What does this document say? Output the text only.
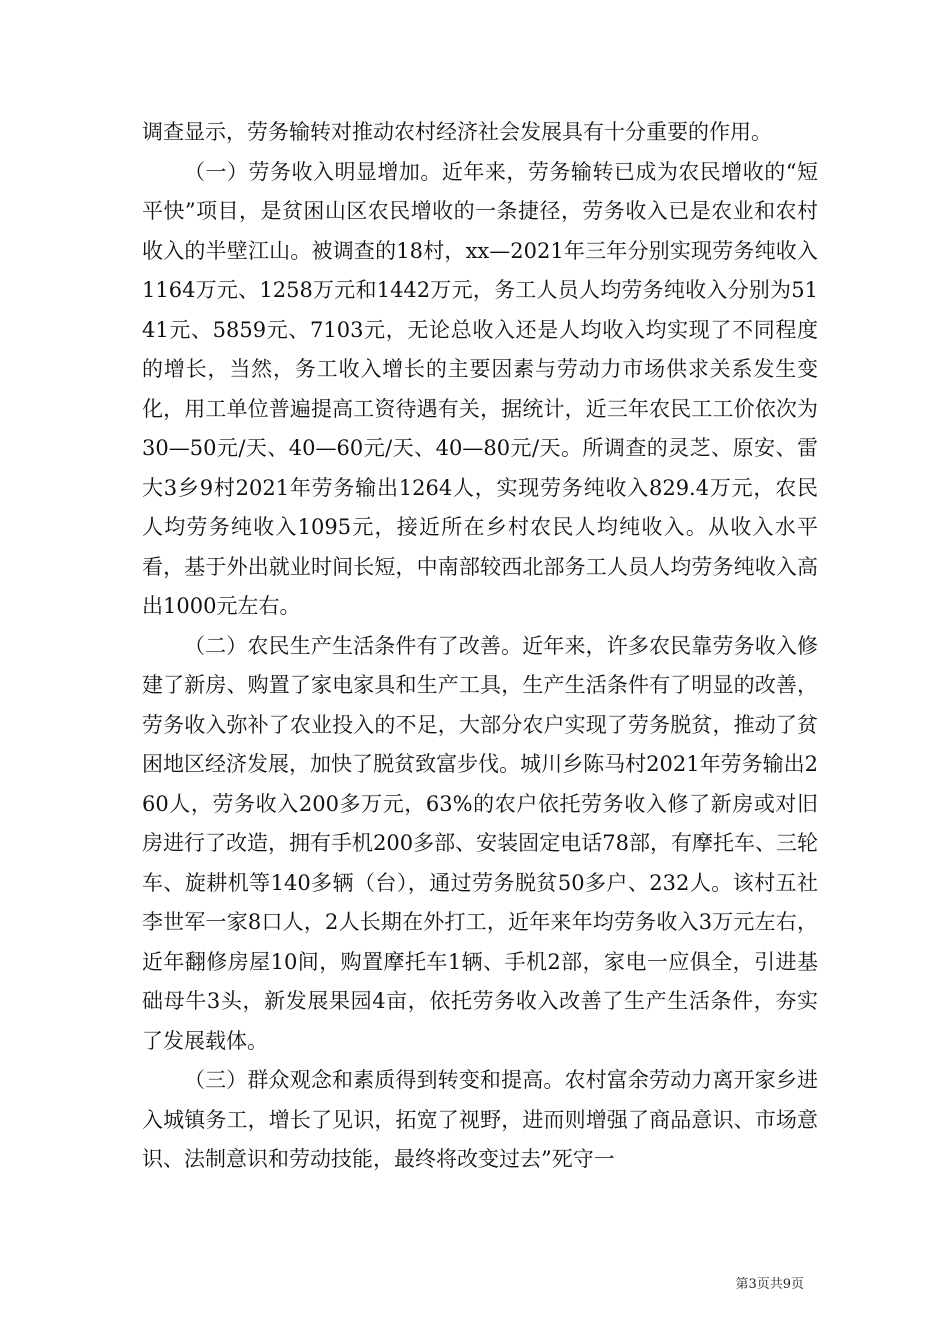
调查显示，劳务输转对推动农村经济社会发展具有十分重要的作用。

（一）劳务收入明显增加。近年来，劳务输转已成为农民增收的“短平快”项目，是贫困山区农民增收的一条捷径，劳务收入已是农业和农村收入的半壁江山。被调查的18村，xx—2021年三年分别实现劳务纯收入1164万元、1258万元和1442万元，务工人员人均劳务纯收入分别为5141元、5859元、7103元，无论总收入还是人均收入均实现了不同程度的增长，当然，务工收入增长的主要因素与劳动力市场供求关系发生变化，用工单位普遍提高工资待遇有关，据统计，近三年农民工工价依次为30—50元/天、40—60元/天、40—80元/天。所调查的灵芝、原安、雷大3乡9村2021年劳务输出1264人，实现劳务纯收入829.4万元，农民人均劳务纯收入1095元，接近所在乡村农民人均纯收入。从收入水平看，基于外出就业时间长短，中南部较西北部务工人员人均劳务纯收入高出1000元左右。

（二）农民生产生活条件有了改善。近年来，许多农民靠劳务收入修建了新房、购置了家电家具和生产工具，生产生活条件有了明显的改善，劳务收入弥补了农业投入的不足，大部分农户实现了劳务脱贫，推动了贫困地区经济发展，加快了脱贫致富步伐。城川乡陈马村2021年劳务输出260人，劳务收入200多万元，63%的农户依托劳务收入修了新房或对旧房进行了改造，拥有手机200多部、安装固定电话78部，有摩托车、三轮车、旋耕机等140多辆（台），通过劳务脱贫50多户、232人。该村五社李世军一家8口人，2人长期在外打工，近年来年均劳务收入3万元左右，近年翻修房屋10间，购置摩托车1辆、手机2部，家电一应俱全，引进基础母牛3头，新发展果园4亩，依托劳务收入改善了生产生活条件，夯实了发展载体。

（三）群众观念和素质得到转变和提高。农村富余劳动力离开家乡进入城镇务工，增长了见识，拓宽了视野，进而则增强了商品意识、市场意识、法制意识和劳动技能，最终将改变过去”死守一

第3页共9页
